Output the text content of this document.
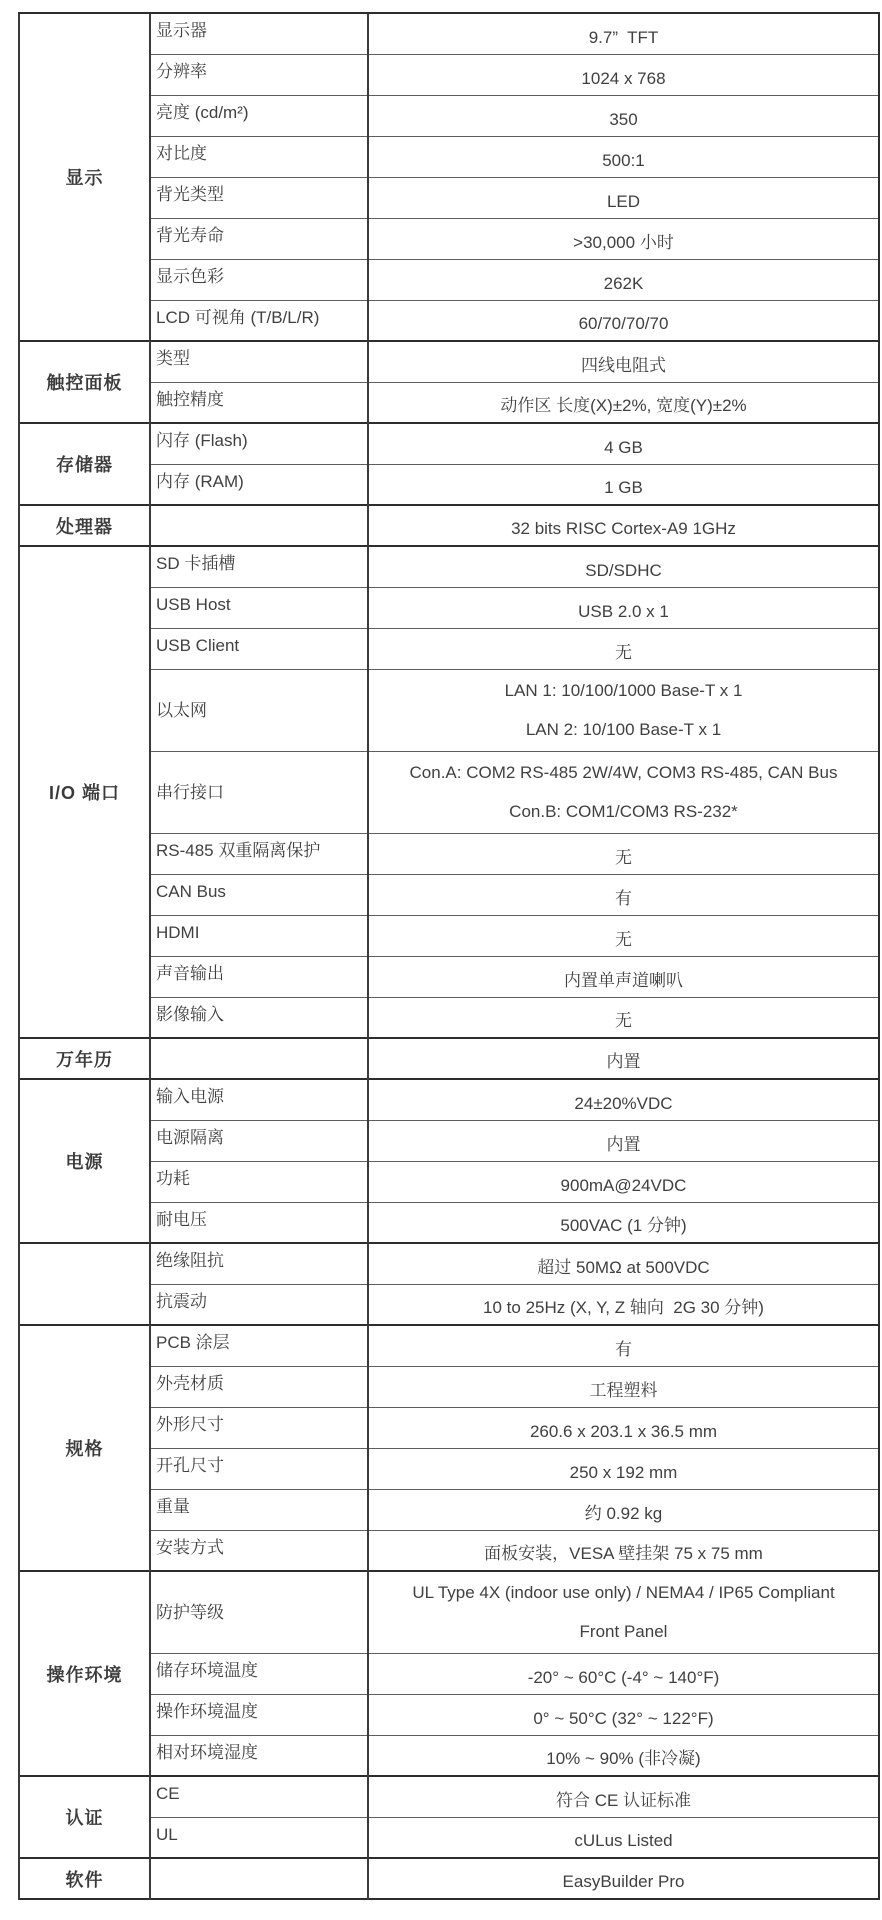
显示	显示器	9.7”  TFT

	分辨率	1024 x 768

	亮度 (cd/m²)	350

	对比度	500:1

	背光类型	LED

	背光寿命	>30,000 小时

	显示色彩	262K

	LCD 可视角 (T/B/L/R)	60/70/70/70

触控面板	类型	四线电阻式

	触控精度	动作区 长度(X)±2%, 宽度(Y)±2%

存储器	闪存 (Flash)	4 GB

	内存 (RAM)	1 GB

处理器		32 bits RISC Cortex-A9 1GHz

I/O 端口	SD 卡插槽	SD/SDHC

	USB Host	USB 2.0 x 1

	USB Client	无

	以太网	LAN 1: 10/100/1000 Base-T x 1
LAN 2: 10/100 Base-T x 1

	串行接口	Con.A: COM2 RS-485 2W/4W, COM3 RS-485, CAN Bus
Con.B: COM1/COM3 RS-232*

	RS-485 双重隔离保护	无

	CAN Bus	有

	HDMI	无

	声音输出	内置单声道喇叭

	影像输入	无

万年历		内置

电源	输入电源	24±20%VDC

	电源隔离	内置

	功耗	900mA@24VDC

	耐电压	500VAC (1 分钟)

	绝缘阻抗	超过 50MΩ at 500VDC

	抗震动	10 to 25Hz (X, Y, Z 轴向  2G 30 分钟)

规格	PCB 涂层	有

	外壳材质	工程塑料

	外形尺寸	260.6 x 203.1 x 36.5 mm

	开孔尺寸	250 x 192 mm

	重量	约 0.92 kg

	安装方式	面板安装，VESA 壁挂架 75 x 75 mm

操作环境	防护等级	UL Type 4X (indoor use only) / NEMA4 / IP65 Compliant
Front Panel

	储存环境温度	-20° ~ 60°C (-4° ~ 140°F)

	操作环境温度	0° ~ 50°C (32° ~ 122°F)

	相对环境湿度	10% ~ 90% (非冷凝)

认证	CE	符合 CE 认证标准

	UL	cULus Listed

软件		EasyBuilder Pro
